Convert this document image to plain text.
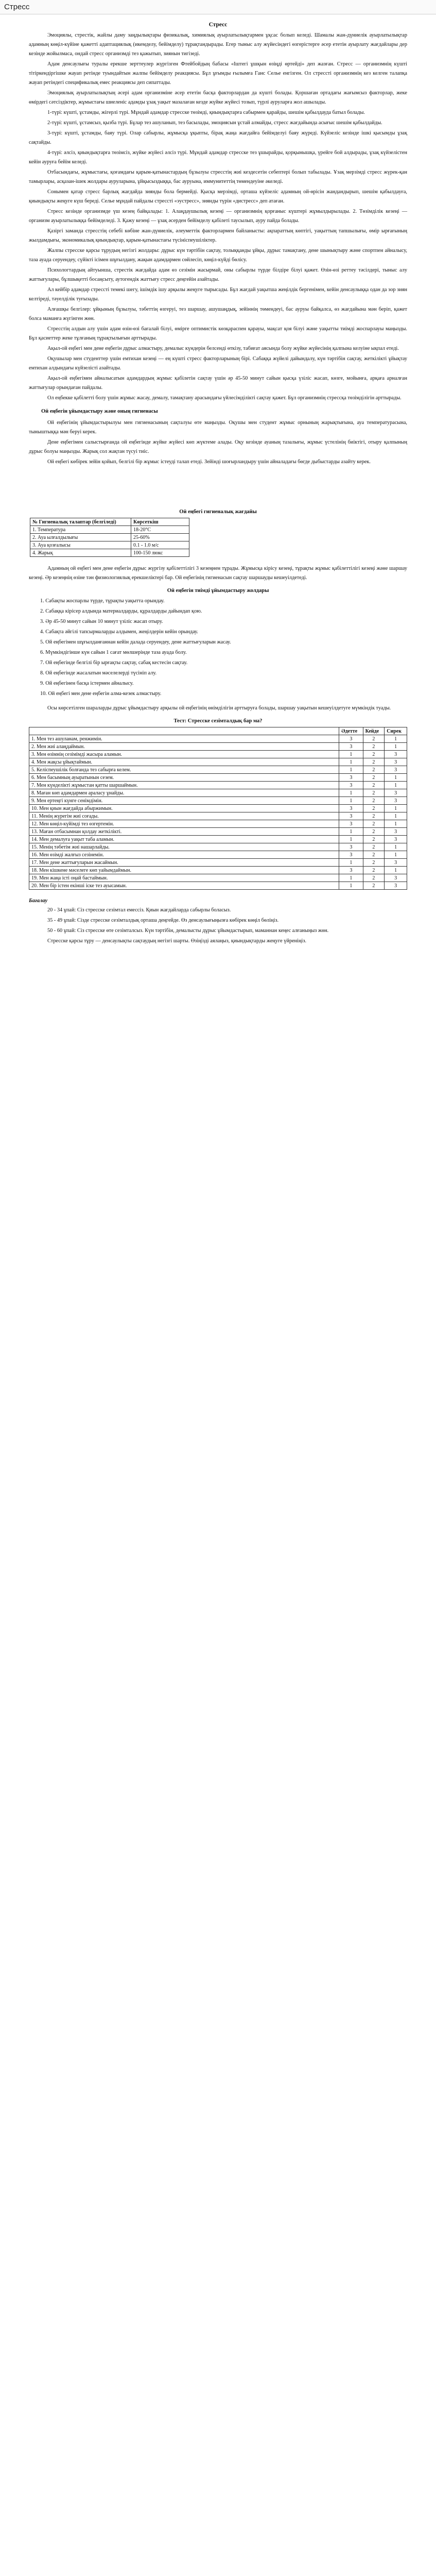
Стресс
Стресс

Эмоциялы, стрестік, жайлы даму заңдылықтары физикалық, химиялық ауырлатылықтармен ұқсас болып келеді. Шамалы жан-дүниелік ауырлатылықтар адамның көңіл-күйіне қажетті адаптациялық (икемделу, бейімделу) тұрақтандырады. Егер тыныс алу жүйесіндегі өзгерістерге әсер ететін ауырлату жағдайлары дер кезінде жойылмаса, ондай стресс организмді тез қажытып, зиянын тигізеді.

Адам денсаулығы туралы ерекше зерттеулер жүргізген Фтейбойдың бабасы «Іштегі ұшқын өзіңді өртейді» деп жазған. Стресс — организмнің күшті тітіркендіргішке жауап ретінде туындайтын жалпы бейімделу реакциясы. Бұл ұғымды ғылымға Ганс Селье енгізген. Ол стрессті организмнің кез келген талапқа жауап ретіндегі спецификалық емес реакциясы деп сипаттады.

Эмоциялық ауырлатылықтың әсері адам организміне әсер ететін басқа факторлардан да күшті болады. Қоршаған ортадағы жағымсыз факторлар, жеке өмірдегі сәтсіздіктер, жұмыстағы шиеленіс адамды ұзақ уақыт мазалаған кезде жүйке жүйесі тозып, түрлі ауруларға жол ашылады.

1-түрі: күшті, ұстамды, жігерлі түрі. Мұндай адамдар стресске төзімді, қиындықтарға сабырмен қарайды, шешім қабылдауда батыл болады.

2-түрі: күшті, ұстамсыз, қызба түрі. Бұлар тез ашуланып, тез басылады, эмоциясын ұстай алмайды, стресс жағдайында асығыс шешім қабылдайды.

3-түрі: күшті, ұстамды, баяу түрі. Олар сабырлы, жұмысқа ұқыпты, бірақ жаңа жағдайға бейімделуі баяу жүреді. Күйзеліс кезінде ішкі қысымды ұзақ сақтайды.

4-түрі: әлсіз, қиындықтарға төзімсіз, жүйке жүйесі әлсіз түрі. Мұндай адамдар стресске тез ұшырайды, қорқынышқа, үрейге бой алдырады, ұзақ күйзелістен кейін ауруға бейім келеді.

Отбасындағы, жұмыстағы, қоғамдағы қарым-қатынастардың бұзылуы стресстің жиі кездесетін себептері болып табылады. Ұзақ мерзімді стресс жүрек-қан тамырлары, асқазан-ішек жолдары ауруларына, ұйқысыздыққа, бас ауруына, иммунитеттің төмендеуіне әкеледі.

Сонымен қатар стресс барлық жағдайда зиянды бола бермейді. Қысқа мерзімді, орташа күйзеліс адамның ой-өрісін жандандырып, шешім қабылдауға, қиындықты жеңуге күш береді. Селье мұндай пайдалы стрессті «эустресс», зиянды түрін «дистресс» деп атаған.

Стресс кезінде организмде үш кезең байқалады: 1. Алаңдаушылық кезеңі — организмнің қорғаныс күштері жұмылдырылады. 2. Төзімділік кезеңі — организм ауырлатылыққа бейімделеді. 3. Қажу кезеңі — ұзақ әсерден бейімделу қабілеті таусылып, ауру пайда болады.

Қазіргі заманда стресстің себебі көбіне жан-дүниелік, әлеуметтік факторлармен байланысты: ақпараттың көптігі, уақыттың тапшылығы, өмір ырғағының жылдамдығы, экономикалық қиындықтар, қарым-қатынастағы түсініспеушіліктер.

Жалпы стресске қарсы тұрудың негізгі жолдары: дұрыс күн тәртібін сақтау, толыққанды ұйқы, дұрыс тамақтану, дене шынықтыру және спортпен айналысу, таза ауада серуендеу, сүйікті ісімен шұғылдану, жақын адамдармен сөйлесіп, көңіл-күйді бөлісу.

Психологтардың айтуынша, стрестік жағдайда адам өз сезімін жасырмай, оны сабырлы түрде білдіре білуі қажет. Өзін-өзі реттеу тәсілдері, тыныс алу жаттығулары, бұлшықетті босаңсыту, аутогендік жаттығу стресс деңгейін азайтады.

Ал кейбір адамдар стрессті темекі шегу, ішімдік ішу арқылы жеңуге тырысады. Бұл жағдай уақытша жеңілдік бергенімен, кейін денсаулыққа одан да зор зиян келтіреді, тәуелділік туғызады.

Алғашқы белгілер: ұйқының бұзылуы, тәбеттің өзгеруі, тез шаршау, ашушаңдық, зейіннің төмендеуі, бас ауруы байқалса, өз жағдайына мән беріп, қажет болса маманға жүгінген жөн.

Стресстің алдын алу үшін адам өзін-өзі бағалай білуі, өмірге оптимистік көзқараспен қарауы, мақсат қоя білуі және уақытты тиімді жоспарлауы маңызды. Бұл қасиеттер жеке тұлғаның тұрақтылығын арттырады.

Ақыл-ой еңбегі мен дене еңбегін дұрыс алмастыру, демалыс күндерін белсенді өткізу, табиғат аясында болу жүйке жүйесінің қалпына келуіне ықпал етеді.

Оқушылар мен студенттер үшін емтихан кезеңі — ең күшті стресс факторларының бірі. Сабаққа жүйелі дайындалу, күн тәртібін сақтау, жеткілікті ұйықтау емтихан алдындағы күйзелісті азайтады.

Ақыл-ой еңбегімен айналысатын адамдардың жұмыс қабілетін сақтау үшін әр 45-50 минут сайын қысқа үзіліс жасап, көзге, мойынға, арқаға арналған жаттығулар орындаған пайдалы.

Ол еңбекке қабілетті болу үшін жұмыс жасау, демалу, тамақтану арасындағы үйлесімділікті сақтау қажет. Бұл организмнің стрессқа төзімділігін арттырады.

Ой еңбегін ұйымдастыру және оның гигиенасы

Ой еңбегінің ұйымдастырылуы мен гигиенасының сақталуы өте маңызды. Оқушы мен студент жұмыс орнының жарықтығына, ауа температурасына, тыныштыққа мән беруі керек.

Дене еңбегімен салыстырғанда ой еңбегінде жүйке жүйесі көп жүктеме алады. Оқу кезінде ауаның тазалығы, жұмыс үстелінің биіктігі, отыру қалпының дұрыс болуы маңызды. Жарық сол жақтан түсуі тиіс.

Ой еңбегі көбірек зейін қойып, белгілі бір жұмыс істеуді талап етеді. Зейінді шоғырландыру үшін айналадағы бөгде дыбыстарды азайту керек.

Ой еңбегі гигиеналық жағдайы
№ Гигиеналық талаптар (белгіледі)	Көрсеткіш
1. Температура	18-20°С
2. Ауа ылғалдылығы	25-60%
3. Ауа қозғалысы	0.1 - 1.0 м/с
4. Жарық	100-150 люкс

Адамның ой еңбегі мен дене еңбегін дұрыс жүргізу қабілеттілігі 3 кезеңнен тұрады. Жұмысқа кірісу кезеңі, тұрақты жұмыс қабілеттілігі кезеңі және шаршау кезеңі. Әр кезеңнің өзіне тән физиологиялық ерекшеліктері бар. Ой еңбегінің гигиенасын сақтау шаршауды кешеуілдетеді.

Ой еңбегін тиімді ұйымдастыру жолдары

1. Сабақты жоспарлы түрде, тұрақты уақытта орындау.

2. Сабаққа кірісер алдында материалдарды, құралдарды дайындап қою.

3. Әр 45-50 минут сайын 10 минут үзіліс жасап отыру.

4. Сабақта әйгілі тапсырмаларды алдымен, жеңілдерін кейін орындау.

5. Ой еңбегімен шұғылданғаннан кейін далада серуендеу, дене жаттығуларын жасау.

6. Мүмкіндігінше күн сайын 1 сағат мөлшерінде таза ауада болу.

7. Ой еңбегінде белгілі бір ырғақты сақтау, сабақ кестесін сақтау.

8. Ой еңбегінде жасалатын мәселелерді түсініп алу.

9. Ой еңбегінен басқа істермен айналысу.

10. Ой еңбегі мен дене еңбегін алма-кезек алмастыру.

Осы көрсетілген шараларды дұрыс ұйымдастыру арқылы ой еңбегінің өнімділігін арттыруға болады, шаршау уақытын кешеуілдетуге мүмкіндік туады.

Тест: Стресске сезімталдық бар ма?
	Әдетте	Кейде	Сирек
1. Мен тез ашуланам, ренжимін.	3	2	1
2. Мен жиі алаңдаймын.	3	2	1
3. Мен өзімнің сезімімді жасыра аламын.	1	2	3
4. Мен жақсы ұйықтаймын.	1	2	3
5. Келіспеушілік болғанда тез сабырға келем.	1	2	3
6. Мен басымның ауыратынын сезем.	3	2	1
7. Мен күнделікті жұмыстан қатты шаршаймын.	3	2	1
8. Маған көп адамдармен араласу ұнайды.	1	2	3
9. Мен ертеңгі күнге сенімдімін.	1	2	3
10. Мен қиын жағдайда абыржимын.	3	2	1
11. Менің жүрегім жиі соғады.	3	2	1
12. Мен көңіл-күйімді тез өзгертемін.	3	2	1
13. Маған отбасымнан қолдау жеткілікті.	1	2	3
14. Мен демалуға уақыт таба аламын.	1	2	3
15. Менің тәбетім жиі нашарлайды.	3	2	1
16. Мен өзімді жалғыз сезінемін.	3	2	1
17. Мен дене жаттығуларын жасаймын.	1	2	3
18. Мен кішкене мәселеге көп уайымдаймын.	3	2	1
19. Мен жаңа істі оңай бастаймын.	1	2	3
20. Мен бір істен екінші іске тез ауысамын.	1	2	3
Бағалау

20 - 34 ұпай: Сіз стресске сезімтал емессіз. Қиын жағдайларда сабырлы боласыз.

35 - 49 ұпай: Сізде стресске сезімталдық орташа деңгейде. Өз денсаулығыңызға көбірек көңіл бөліңіз.

50 - 60 ұпай: Сіз стресске өте сезімталсыз. Күн тәртібін, демалысты дұрыс ұйымдастырып, маманнан кеңес алғаныңыз жөн.

Стресске қарсы тұру — денсаулықты сақтаудың негізгі шарты. Өзіңізді аялаңыз, қиындықтарды жеңуге үйреніңіз.
